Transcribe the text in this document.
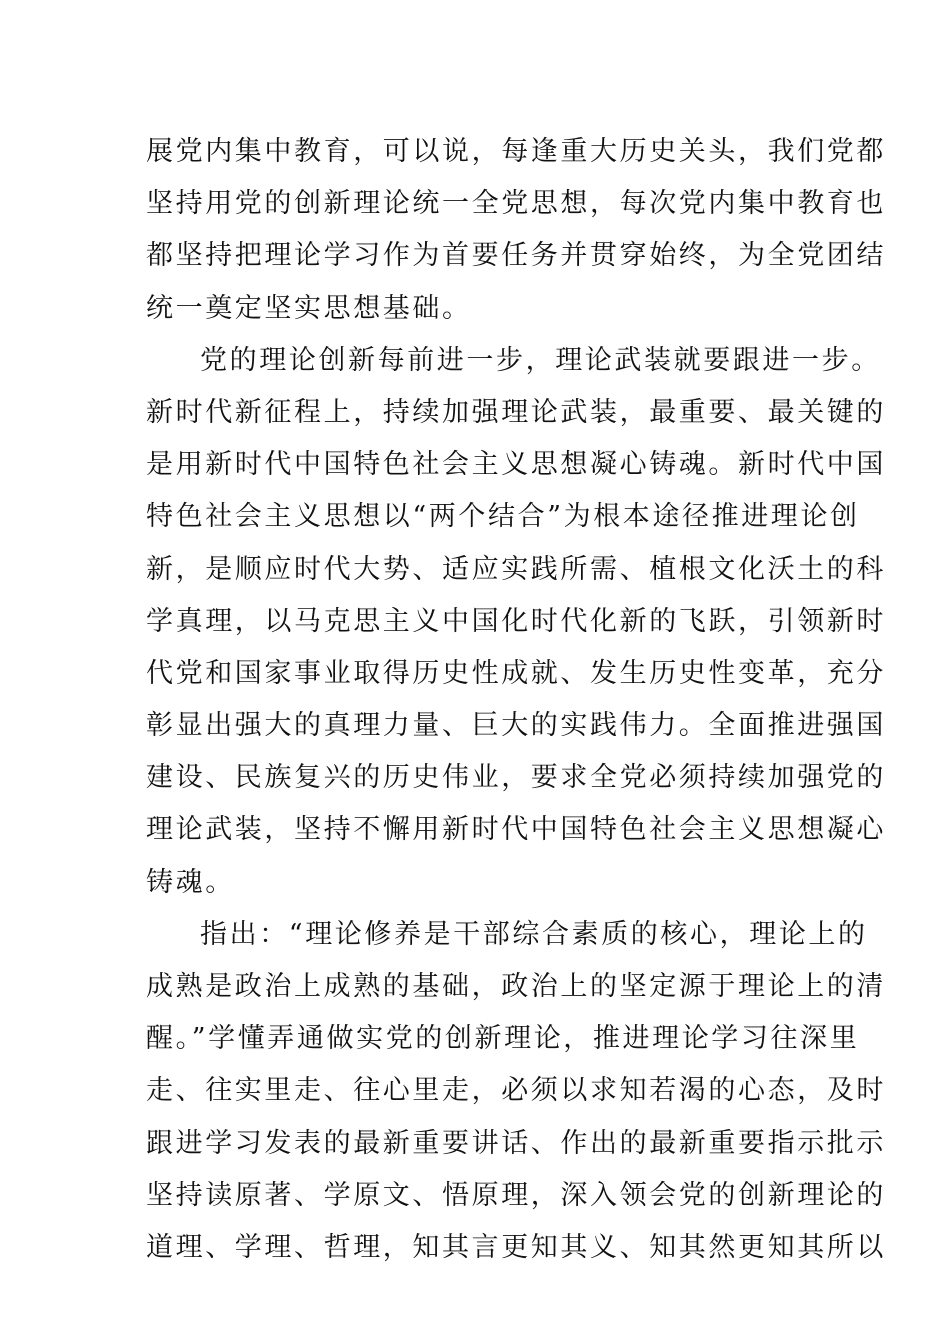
展党内集中教育，可以说，每逢重大历史关头，我们党都
坚持用党的创新理论统一全党思想，每次党内集中教育也
都坚持把理论学习作为首要任务并贯穿始终，为全党团结
统一奠定坚实思想基础。
党的理论创新每前进一步，理论武装就要跟进一步。
新时代新征程上，持续加强理论武装，最重要、最关键的
是用新时代中国特色社会主义思想凝心铸魂。新时代中国
特色社会主义思想以“两个结合”为根本途径推进理论创
新，是顺应时代大势、适应实践所需、植根文化沃土的科
学真理，以马克思主义中国化时代化新的飞跃，引领新时
代党和国家事业取得历史性成就、发生历史性变革，充分
彰显出强大的真理力量、巨大的实践伟力。全面推进强国
建设、民族复兴的历史伟业，要求全党必须持续加强党的
理论武装，坚持不懈用新时代中国特色社会主义思想凝心
铸魂。
指出：“理论修养是干部综合素质的核心，理论上的
成熟是政治上成熟的基础，政治上的坚定源于理论上的清
醒。”学懂弄通做实党的创新理论，推进理论学习往深里
走、往实里走、往心里走，必须以求知若渴的心态，及时
跟进学习发表的最新重要讲话、作出的最新重要指示批示
坚持读原著、学原文、悟原理，深入领会党的创新理论的
道理、学理、哲理，知其言更知其义、知其然更知其所以
